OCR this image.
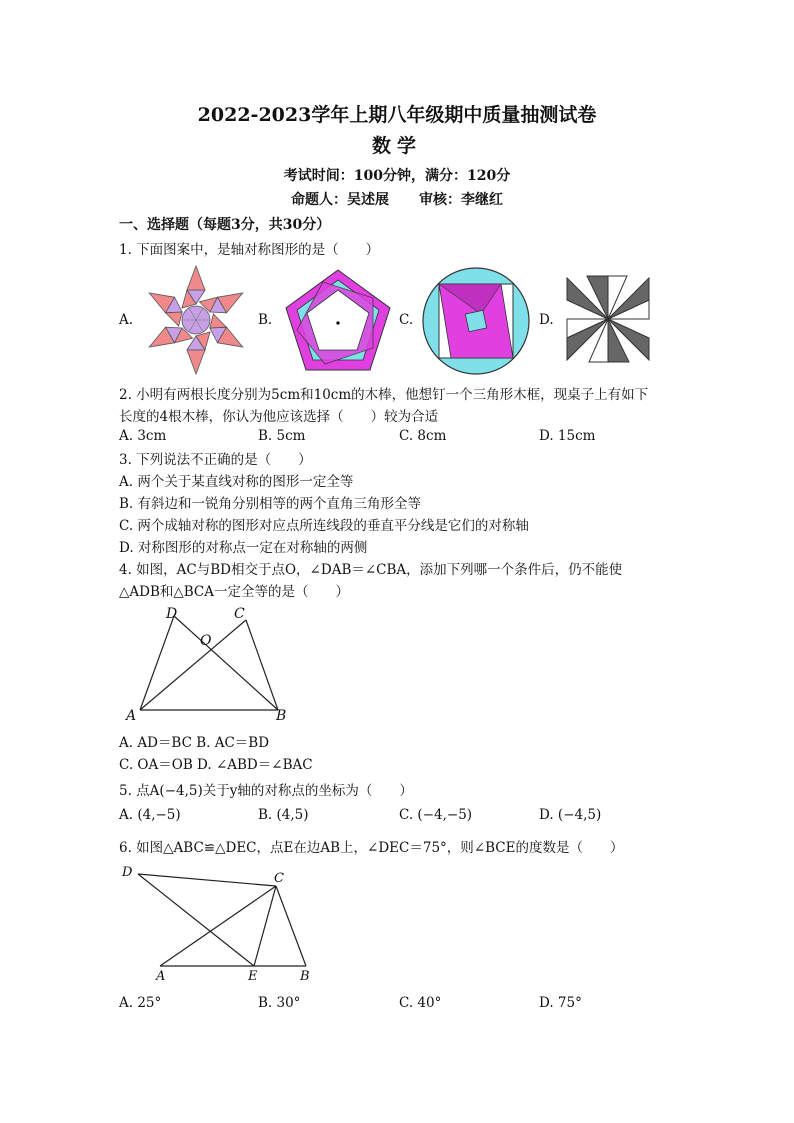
2022-2023学年上期八年级期中质量抽测试卷
数学
考试时间：100分钟，满分：120分
命题人：吴述展 审核：李继红
一、选择题（每题3分，共30分）
1. 下面图案中，是轴对称图形的是（　　）
A.	B.	C.	D.
2. 小明有两根长度分别为5cm和10cm的木棒，他想钉一个三角形木框，现桌子上有如下
长度的4根木棒，你认为他应该选择（　　）较为合适
A. 3cm	B. 5cm	C. 8cm	D. 15cm
3. 下列说法不正确的是（　　）
A. 两个关于某直线对称的图形一定全等
B. 有斜边和一锐角分别相等的两个直角三角形全等
C. 两个成轴对称的图形对应点所连线段的垂直平分线是它们的对称轴
D. 对称图形的对称点一定在对称轴的两侧
4. 如图，AC与BD相交于点O，∠DAB＝∠CBA，添加下列哪一个条件后，仍不能使
△ADB和△BCA一定全等的是（　　）
A	B
C
D
O
A. AD＝BC B. AC＝BD
C. OA＝OB D. ∠ABD＝∠BAC
5. 点A(−4,5)关于y轴的对称点的坐标为（　　）
A. (4,−5)	B. (4,5)	C. (−4,−5)	D. (−4,5)
6. 如图△ABC≌△DEC，点E在边AB上，∠DEC＝75°，则∠BCE的度数是（　　）
A	B
C
D
E
A. 25°	B. 30°	C. 40°	D. 75°
